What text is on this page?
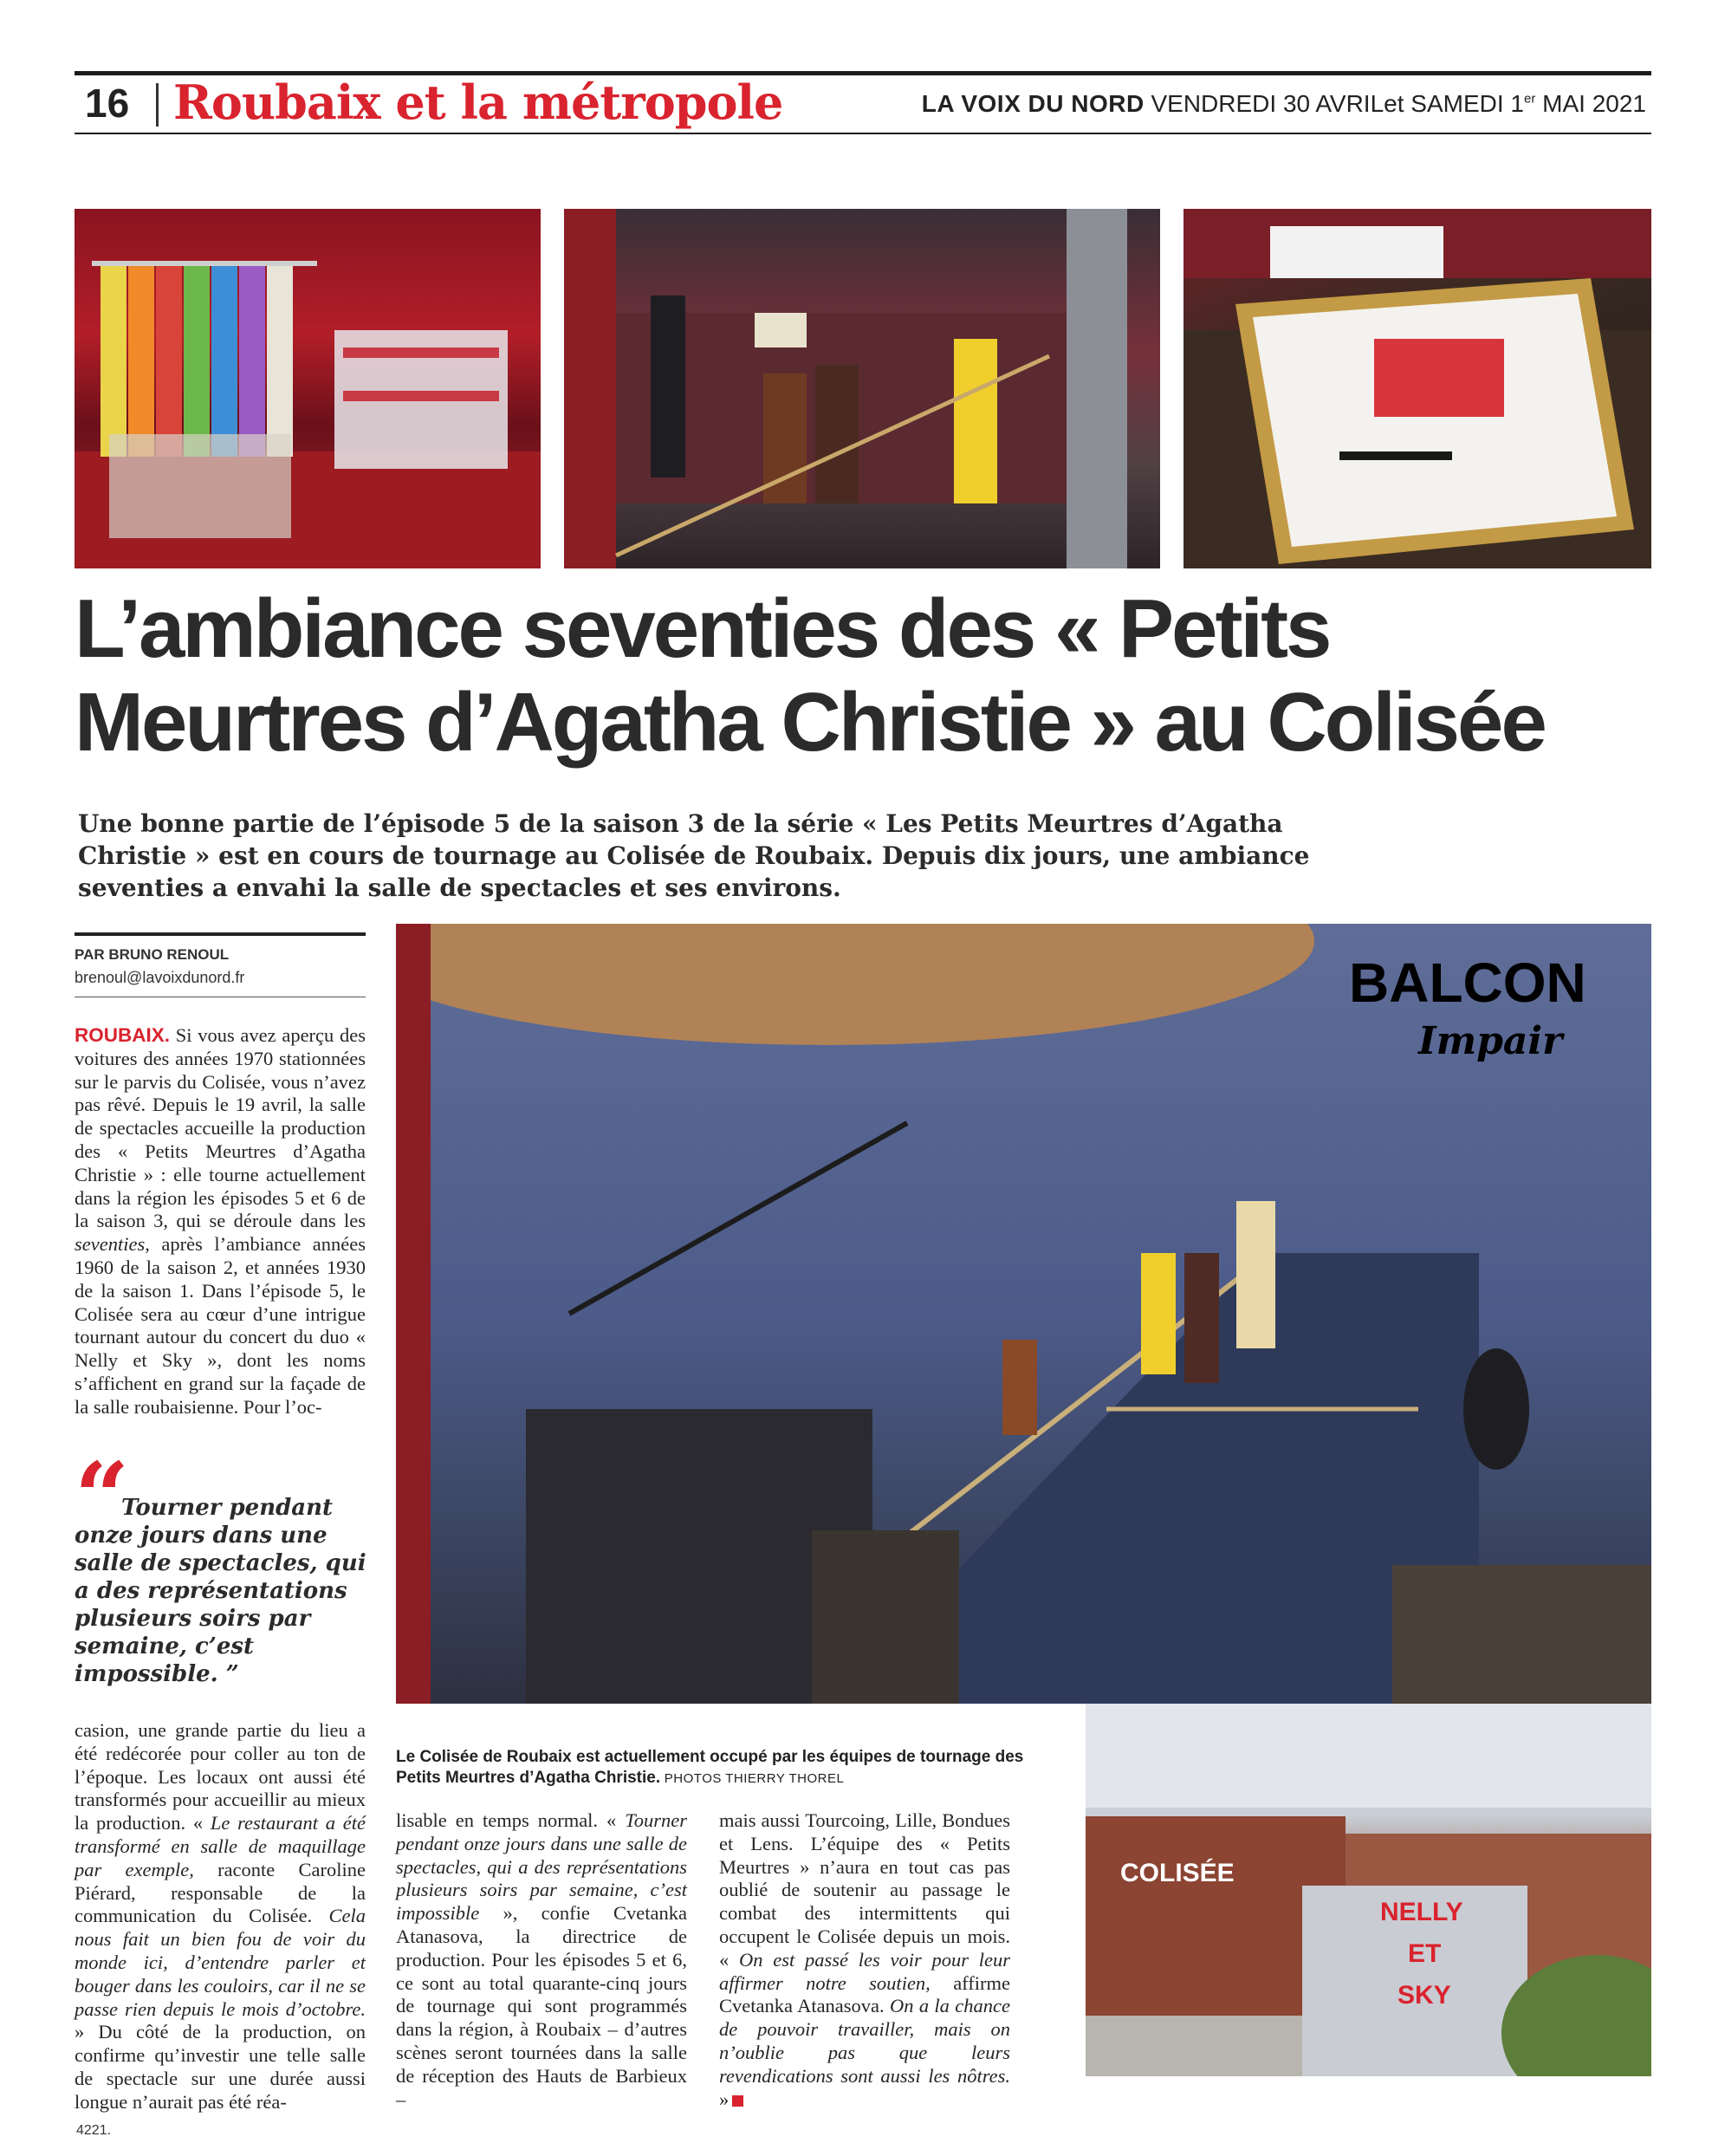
16 Roubaix et la métropole	LA VOIX DU NORD VENDREDI 30 AVRILet SAMEDI 1er MAI 2021
L’ambiance seventies des « Petits Meurtres d’Agatha Christie » au Colisée

Une bonne partie de l’épisode 5 de la saison 3 de la série « Les Petits Meurtres d’Agatha Christie » est en cours de tournage au Colisée de Roubaix. Depuis dix jours, une ambiance seventies a envahi la salle de spectacles et ses environs.

PAR BRUNO RENOUL
brenoul@lavoixdunord.fr

ROUBAIX. Si vous avez aperçu des voitures des années 1970 stationnées sur le parvis du Colisée, vous n’avez pas rêvé. Depuis le 19 avril, la salle de spectacles accueille la production des « Petits Meurtres d’Agatha Christie » : elle tourne actuellement dans la région les épisodes 5 et 6 de la saison 3, qui se déroule dans les seventies, après l’ambiance années 1960 de la saison 2, et années 1930 de la saison 1. Dans l’épisode 5, le Colisée sera au cœur d’une intrigue tournant autour du concert du duo « Nelly et Sky », dont les noms s’affichent en grand sur la façade de la salle roubaisienne. Pour l’oc-

“

Tourner pendant onze jours dans une salle de spectacles, qui a des représentations plusieurs soirs par semaine, c’est impossible. ”

casion, une grande partie du lieu a été redécorée pour coller au ton de l’époque. Les locaux ont aussi été transformés pour accueillir au mieux la production. « Le restaurant a été transformé en salle de maquillage par exemple, raconte Caroline Piérard, responsable de la communication du Colisée. Cela nous fait un bien fou de voir du monde ici, d’entendre parler et bouger dans les couloirs, car il ne se passe rien depuis le mois d’octobre. » Du côté de la production, on confirme qu’investir une telle salle de spectacle sur une durée aussi longue n’aurait pas été réa-

BALCON
Impair

Le Colisée de Roubaix est actuellement occupé par les équipes de tournage des Petits Meurtres d’Agatha Christie. PHOTOS THIERRY THOREL

lisable en temps normal. « Tourner pendant onze jours dans une salle de spectacles, qui a des représentations plusieurs soirs par semaine, c’est impossible », confie Cvetanka Atanasova, la directrice de production. Pour les épisodes 5 et 6, ce sont au total quarante-cinq jours de tournage qui sont programmés dans la région, à Roubaix – d’autres scènes seront tournées dans la salle de réception des Hauts de Barbieux –

mais aussi Tourcoing, Lille, Bondues et Lens. L’équipe des « Petits Meurtres » n’aura en tout cas pas oublié de soutenir au passage le combat des intermittents qui occupent le Colisée depuis un mois. « On est passé les voir pour leur affirmer notre soutien, affirme Cvetanka Atanasova. On a la chance de pouvoir travailler, mais on n’oublie pas que leurs revendications sont aussi les nôtres. »

COLISÉE
NELLY
ET
SKY
4221.
